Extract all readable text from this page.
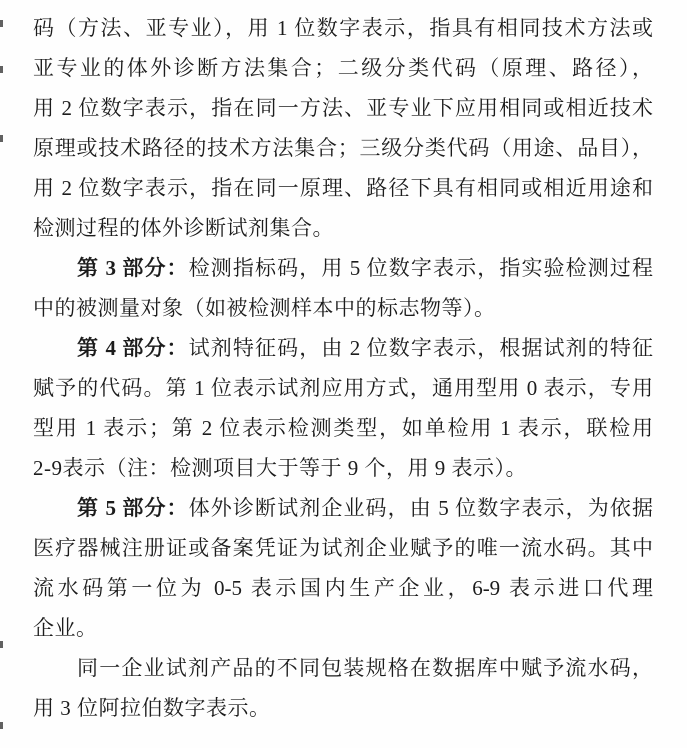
码（方法、亚专业），用 1 位数字表示，指具有相同技术方法或
亚专业的体外诊断方法集合；二级分类代码（原理、路径），
用 2 位数字表示，指在同一方法、亚专业下应用相同或相近技术
原理或技术路径的技术方法集合；三级分类代码（用途、品目），
用 2 位数字表示，指在同一原理、路径下具有相同或相近用途和
检测过程的体外诊断试剂集合。
第 3 部分：检测指标码，用 5 位数字表示，指实验检测过程
中的被测量对象（如被检测样本中的标志物等）。
第 4 部分：试剂特征码，由 2 位数字表示，根据试剂的特征
赋予的代码。第 1 位表示试剂应用方式，通用型用 0 表示，专用
型用 1 表示；第 2 位表示检测类型，如单检用 1 表示，联检用
2-9表示（注：检测项目大于等于 9 个，用 9 表示）。
第 5 部分：体外诊断试剂企业码，由 5 位数字表示，为依据
医疗器械注册证或备案凭证为试剂企业赋予的唯一流水码。其中
流水码第一位为 0-5 表示国内生产企业，6-9 表示进口代理
企业。
同一企业试剂产品的不同包装规格在数据库中赋予流水码，
用 3 位阿拉伯数字表示。
